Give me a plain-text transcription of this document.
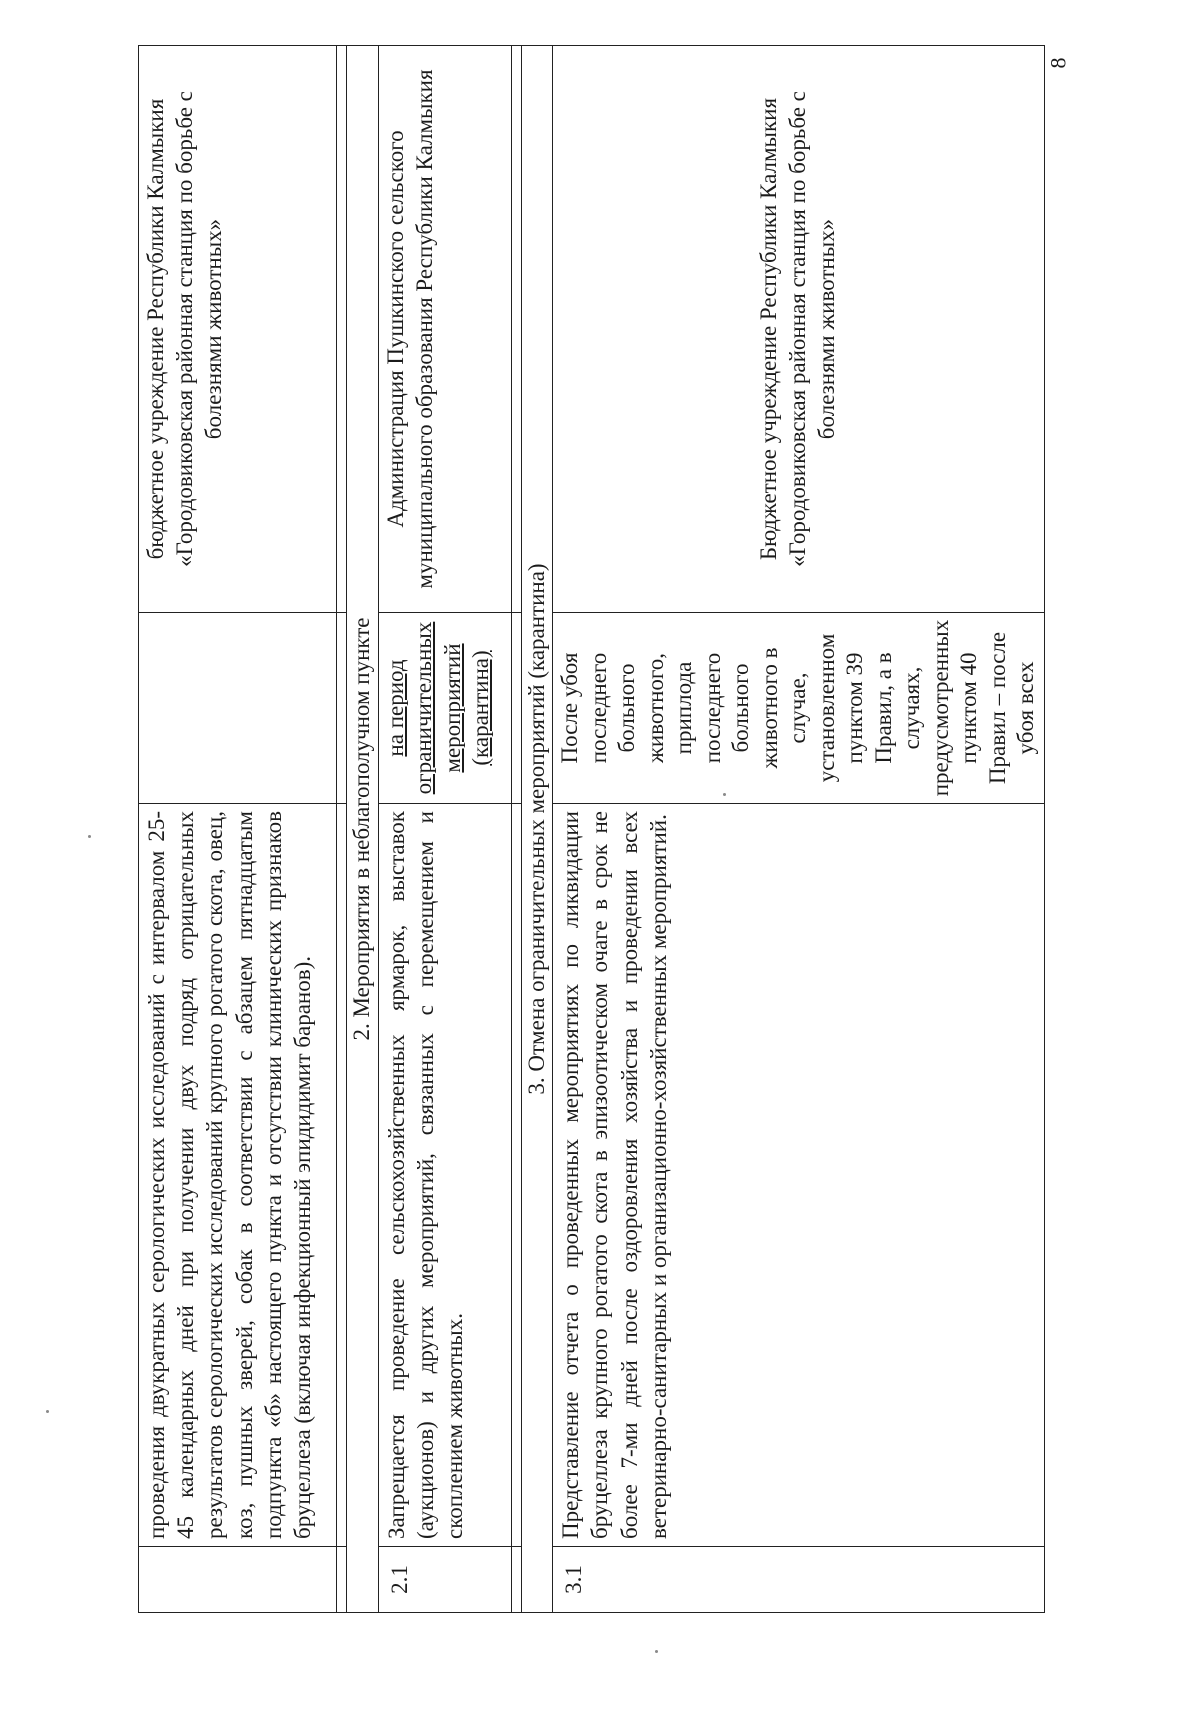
8
	проведения двукратных серологических исследований с интервалом 25-45 календарных дней при получении двух подряд отрицательных результатов серологических исследований крупного рогатого скота, овец, коз, пушных зверей, собак в соответствии с абзацем пятнадцатым подпункта «б» настоящего пункта и отсутствии клинических признаков бруцеллеза (включая инфекционный эпидидимит баранов).		бюджетное учреждение Республики Калмыкия «Городовиковская районная станция по борьбе с болезнями животных»

2. Мероприятия в неблагополучном пункте			
2.1	Запрещается проведение сельскохозяйственных ярмарок, выставок (аукционов) и других мероприятий, связанных с перемещением и скоплением животных.	на период ограничительных мероприятий (карантина)	Администрация Пушкинского сельского муниципального образования Республики Калмыкия

3. Отмена ограничительных мероприятий (карантина)			
3.1	Представление отчета о проведенных мероприятиях по ликвидации бруцеллеза крупного рогатого скота в эпизоотическом очаге в срок не более 7-ми дней после оздоровления хозяйства и проведении всех ветеринарно-санитарных и организационно-хозяйственных мероприятий.	После убоя последнего больного животного, приплода последнего больного животного в случае, установленном пунктом 39 Правил, а в случаях, предусмотренных пунктом 40 Правил – после убоя всех	Бюджетное учреждение Республики Калмыкия «Городовиковская районная станция по борьбе с болезнями животных»
